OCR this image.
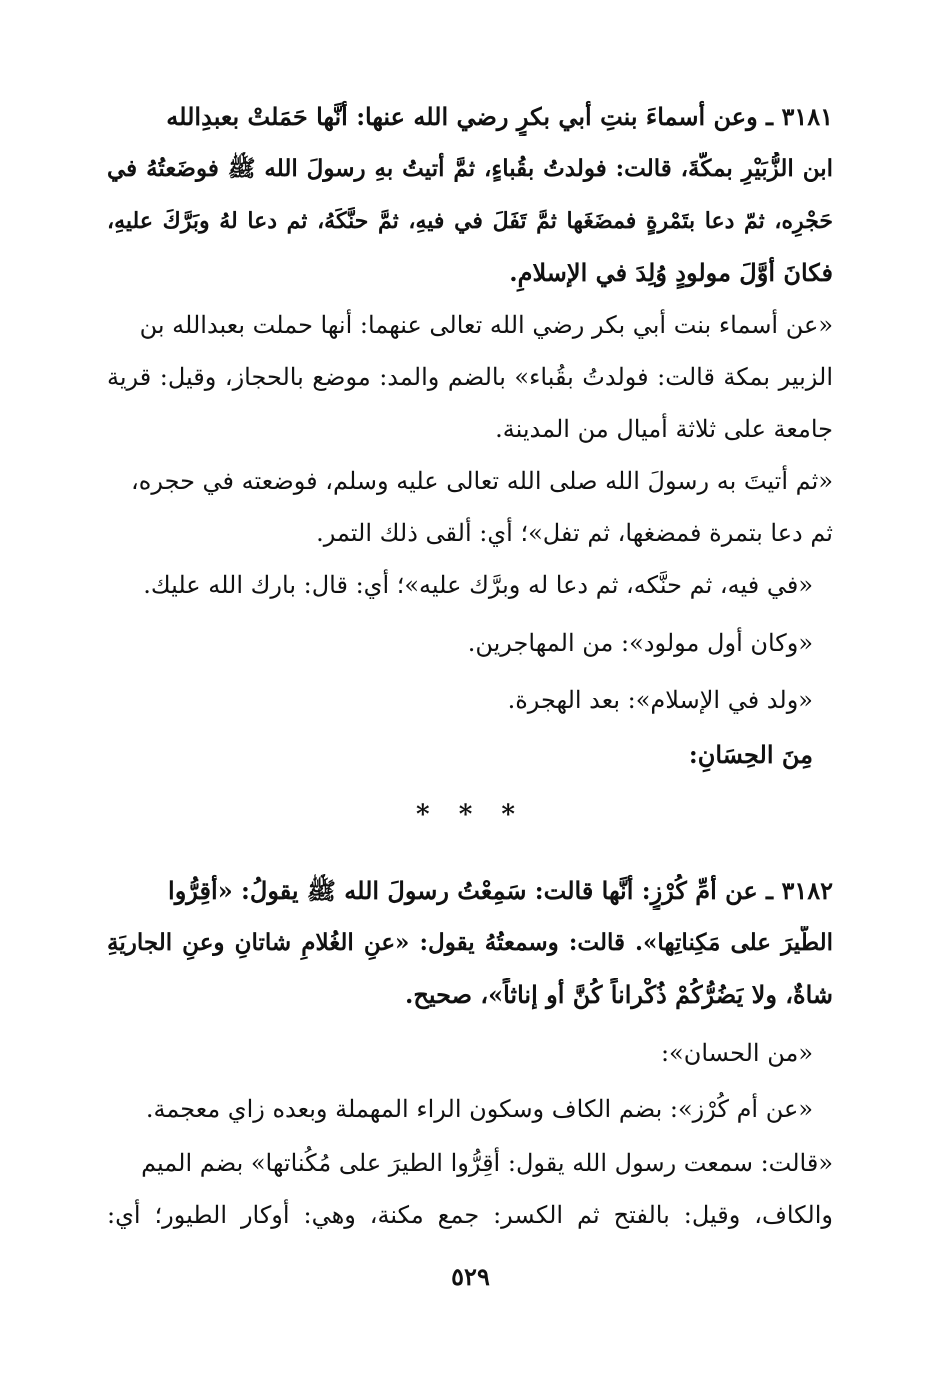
٣١٨١ ـ وعن أسماءَ بنتِ أبي بكرٍ رضي الله عنها: أنَّها حَمَلتْ بعبدِالله
ابن الزُّبَيْرِ بمكَّةَ، قالت: فولدتُ بقُباءٍ، ثمَّ أتيتُ بهِ رسولَ الله ﷺ فوضَعتُهُ في
حَجْرِه، ثمّ دعا بتَمْرةٍ فمضَغَها ثمَّ تَفَلَ في فيهِ، ثمَّ حنَّكَهُ، ثم دعا لهُ وبَرَّكَ عليهِ،
فكانَ أوَّلَ مولودٍ وُلِدَ في الإسلامِ.
«عن أسماء بنت أبي بكر رضي الله تعالى عنهما: أنها حملت بعبدالله بن
الزبير بمكة قالت: فولدتُ بقُباء» بالضم والمد: موضع بالحجاز، وقيل: قرية
جامعة على ثلاثة أميال من المدينة.
«ثم أتيتَ به رسولَ الله صلى الله تعالى عليه وسلم، فوضعته في حجره،
ثم دعا بتمرة فمضغها، ثم تفل»؛ أي: ألقى ذلك التمر.
«في فيه، ثم حنَّكه، ثم دعا له وبرَّك عليه»؛ أي: قال: بارك الله عليك.
«وكان أول مولود»: من المهاجرين.
«ولد في الإسلام»: بعد الهجرة.
مِنَ الحِسَانِ:
* * *
٣١٨٢ ـ عن أمِّ كُرْزٍ: أنَّها قالت: سَمِعْتُ رسولَ الله ﷺ يقولُ: «أقِرُّوا
الطَّيرَ على مَكِناتِها». قالت: وسمعتُهُ يقول: «عنِ الغُلامِ شاتانِ وعنِ الجاريَةِ
شاةٌ، ولا يَضُرُّكُمْ ذُكْراناً كُنَّ أو إناثاً»، صحيح.
«من الحسان»:
«عن أم كُرْز»: بضم الكاف وسكون الراء المهملة وبعده زاي معجمة.
«قالت: سمعت رسول الله يقول: أقِرُّوا الطيرَ على مُكُناتها» بضم الميم
والكاف، وقيل: بالفتح ثم الكسر: جمع مكنة، وهي: أوكار الطيور؛ أي:
٥٢٩
